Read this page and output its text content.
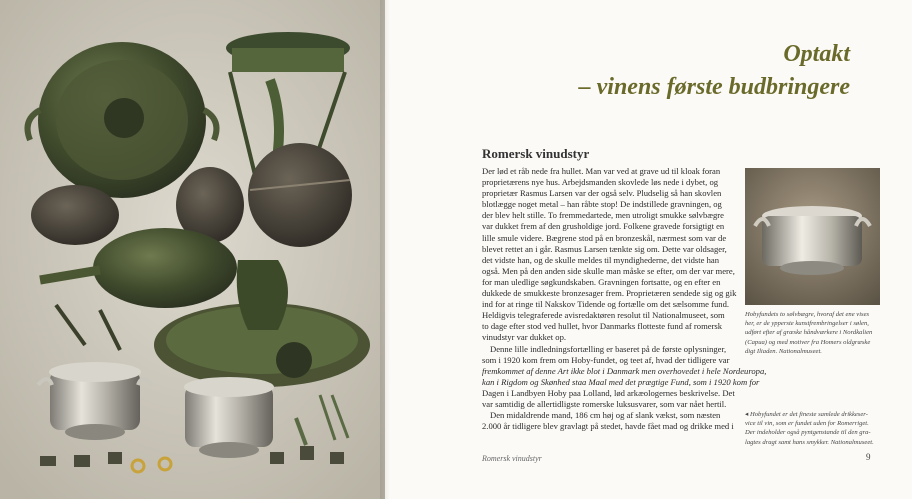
Optakt
– vinens første budbringere
Romersk vinudstyr
Der lød et råb nede fra hullet. Man var ved at grave ud til kloak foran
proprietærens nye hus. Arbejdsmanden skovlede løs nede i dybet, og
proprietær Rasmus Larsen var der også selv. Pludselig så han skovlen
blotlægge noget metal – han råbte stop! De indstillede gravningen, og
der blev helt stille. To fremmedartede, men utroligt smukke sølvbægre
var dukket frem af den grusholdige jord. Folkene gravede forsigtigt en
lille smule videre. Bægrene stod på en bronzeskål, nærmest som var de
blevet rettet an i går. Rasmus Larsen tænkte sig om. Dette var oldsager,
det vidste han, og de skulle meldes til myndighederne, det vidste han
også. Men på den anden side skulle man måske se efter, om der var mere,
for man uledlige søgkundskaben. Gravningen fortsatte, og en efter en
dukkede de smukkeste bronzesager frem. Proprietæren sendede sig og gik
ind for at ringe til Nakskov Tidende og fortælle om det sælsomme fund.
Heldigvis telegraferede avisredaktøren resolut til Nationalmuseet, som
to dage efter stod ved hullet, hvor Danmarks flotteste fund af romersk
vinudstyr var dukket op.
Denne lille indledningsfortælling er baseret på de første oplysninger,
som i 1920 kom frem om Hoby-fundet, og teet af, hvad der tidligere var
fremkommet af denne Art ikke blot i Danmark men overhovedet i hele Nordeuropa,
kan i Rigdom og Skønhed staa Maal med det prægtige Fund, som i 1920 kom for
Dagen i Landbyen Hoby paa Lolland, lød arkæologernes beskrivelse. Det
var samtidig de allertidligste romerske luksusvarer, som var nået hertil.
Den midaldrende mand, 186 cm høj og af slank vækst, som næsten
2.000 år tidligere blev gravlagt på stedet, havde fået mad og drikke med i
Hobyfundets to sølvbægre, hvoraf det ene vises
her, er de ypperste kunstfrembringelser i sølen,
udført efter af græske håndværkere i Nordkalien
(Capua) og med motiver fra Homers oldgræske
digt Iliaden. Nationalmuseet.
◂ Hobyfundet er det fineste samlede drikkeser-
vice til vin, som er fundet uden for Romerriget.
Der indeholder også pyntgenstande til den gra-
lagtes dragt samt hans smykker. Nationalmuseet.

Romersk vinudstyr	9
